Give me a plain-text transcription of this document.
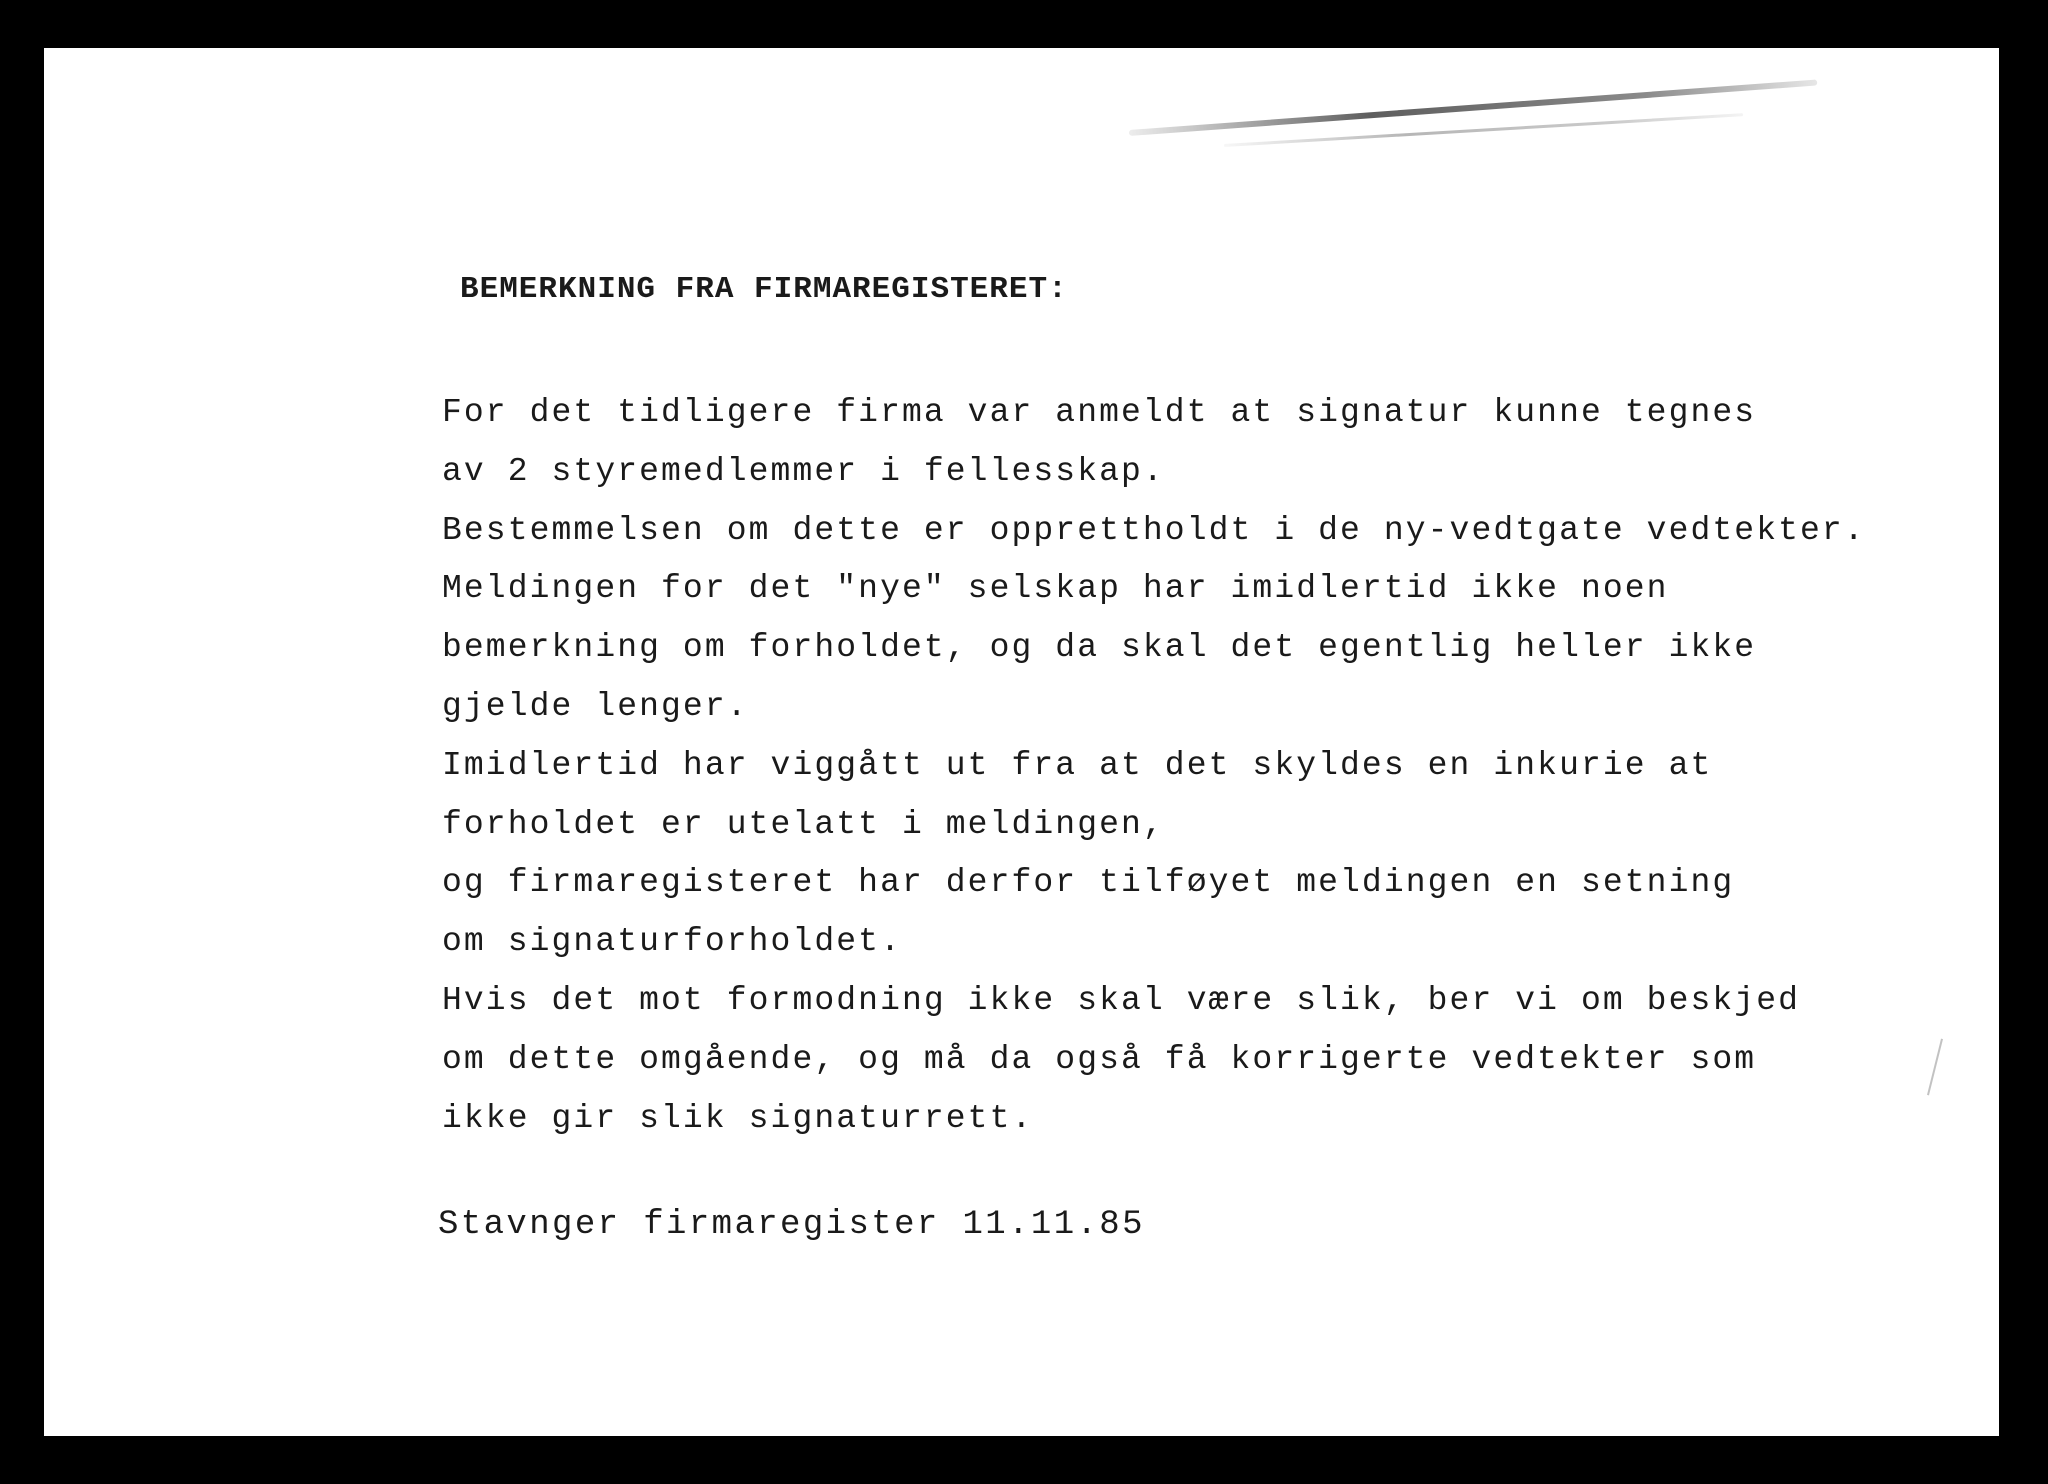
BEMERKNING FRA FIRMAREGISTERET:
For det tidligere firma var anmeldt at signatur kunne tegnes
av 2 styremedlemmer i fellesskap.
Bestemmelsen om dette er opprettholdt i de ny-vedtgate vedtekter.
Meldingen for det "nye" selskap har imidlertid ikke noen
bemerkning om forholdet, og da skal det egentlig heller ikke
gjelde lenger.
Imidlertid har viggått ut fra at det skyldes en inkurie at
forholdet er utelatt i meldingen,
og firmaregisteret har derfor tilføyet meldingen en setning
om signaturforholdet.
Hvis det mot formodning ikke skal være slik, ber vi om beskjed
om dette omgående, og må da også få korrigerte vedtekter som
ikke gir slik signaturrett.
Stavnger firmaregister 11.11.85
